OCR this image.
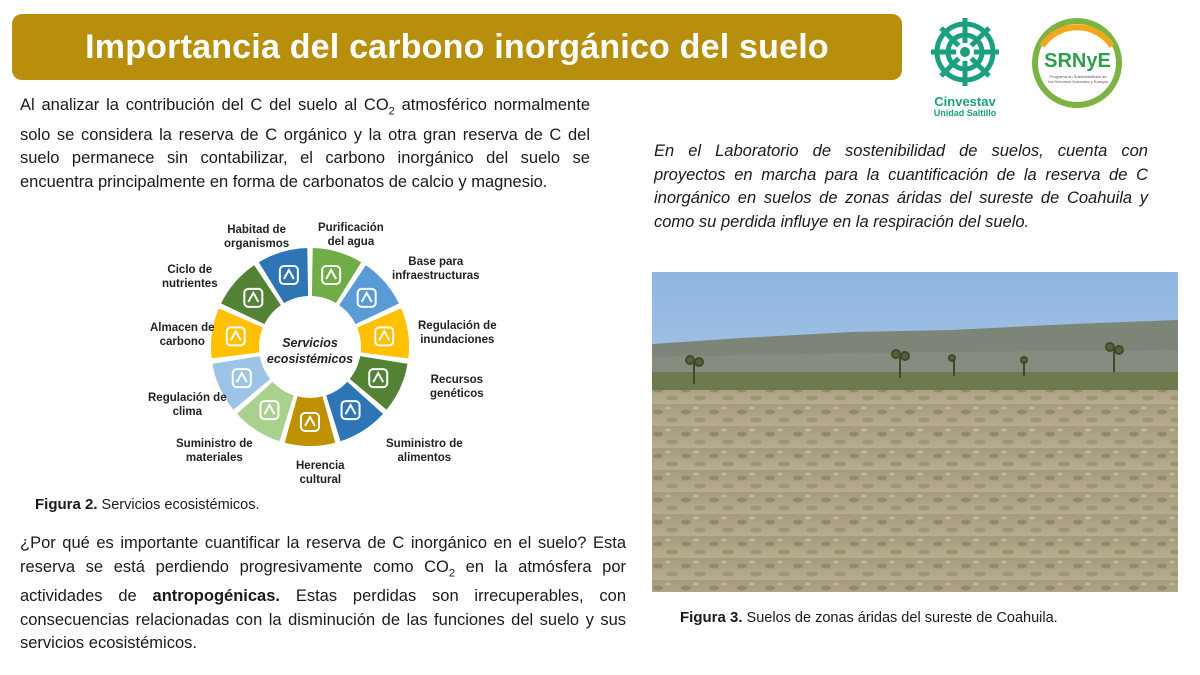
Importancia del carbono inorgánico del suelo
Cinvestav
Unidad Saltillo
SRNyE
Programa en Sustentabilidad de los Recursos Naturales y Energía
Al analizar la contribución del C del suelo al $CO_2$ atmosférico normalmente solo se considera la reserva de C orgánico y la otra gran reserva de C del suelo permanece sin contabilizar, el carbono inorgánico del suelo se encuentra principalmente en forma de carbonatos de calcio y magnesio.
En el Laboratorio de sostenibilidad de suelos, cuenta con proyectos en marcha para la cuantificación de la reserva de C inorgánico en suelos de zonas áridas del sureste de Coahuila y como su perdida influye en la respiración del suelo.
Servicios
ecosistémicos
Purificación
del agua
Base para
infraestructuras
Regulación de
inundaciones
Recursos
genéticos
Suministro de
alimentos
Herencia
cultural
Suministro de
materiales
Regulación de
clima
Almacen de
carbono
Ciclo de
nutrientes
Habitad de
organismos
Figura 2. Servicios ecosistémicos.
¿Por qué es importante cuantificar la reserva de C inorgánico en el suelo? Esta reserva se está perdiendo progresivamente como $CO_2$ en la atmósfera por actividades de antropogénicas. Estas perdidas son irrecuperables, con consecuencias relacionadas con la disminución de las funciones del suelo y sus servicios ecosistémicos.
Figura 3. Suelos de zonas áridas del sureste de Coahuila.
